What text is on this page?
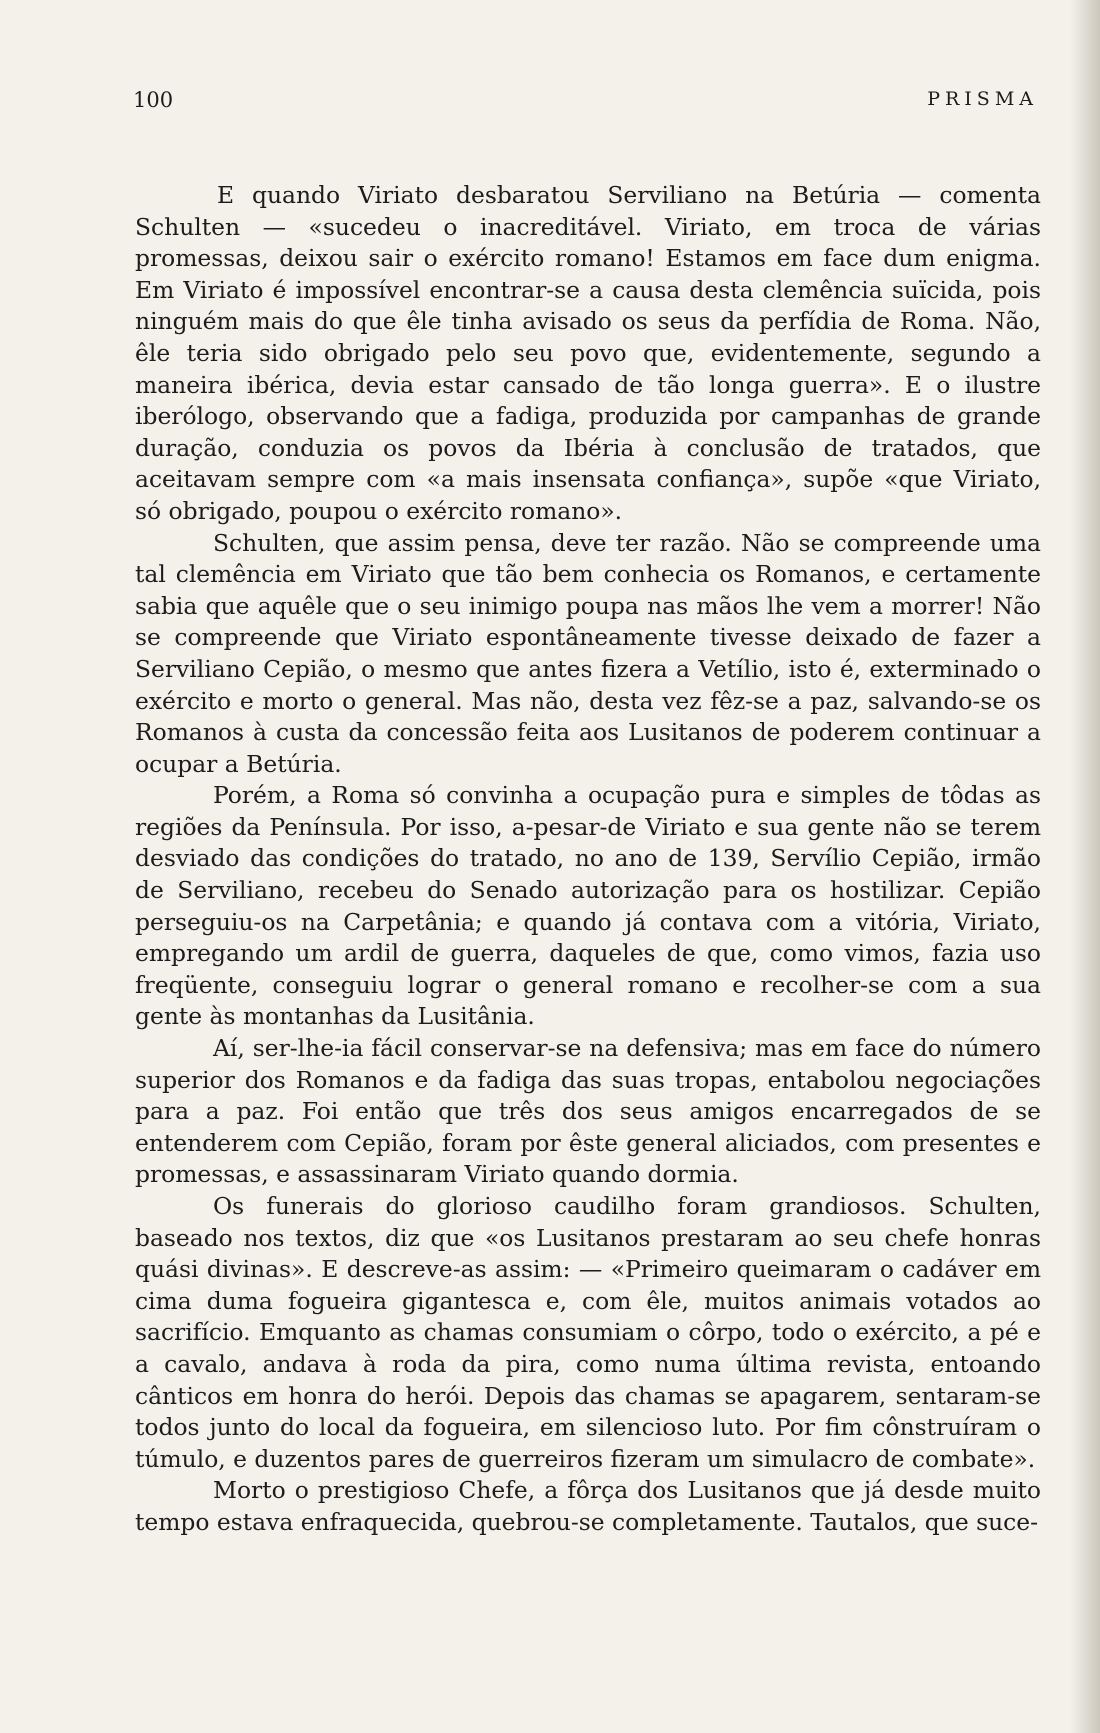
100	PRISMA

E quando Viriato desbaratou Serviliano na Betúria — comenta Schulten — «sucedeu o inacreditável. Viriato, em troca de várias promessas, deixou sair o exército romano! Estamos em face dum enigma. Em Viriato é impossível encontrar-se a causa desta clemência suïcida, pois ninguém mais do que êle tinha avisado os seus da perfídia de Roma. Não, êle teria sido obrigado pelo seu povo que, evidentemente, segundo a maneira ibérica, devia estar cansado de tão longa guerra». E o ilustre iberólogo, observando que a fadiga, produzida por campanhas de grande duração, conduzia os povos da Ibéria à conclusão de tratados, que aceitavam sempre com «a mais insensata confiança», supõe «que Viriato, só obrigado, poupou o exército romano».

Schulten, que assim pensa, deve ter razão. Não se compreende uma tal clemência em Viriato que tão bem conhecia os Romanos, e certamente sabia que aquêle que o seu inimigo poupa nas mãos lhe vem a morrer! Não se compreende que Viriato espontâneamente tivesse deixado de fazer a Serviliano Cepião, o mesmo que antes fizera a Vetílio, isto é, exterminado o exército e morto o general. Mas não, desta vez fêz-se a paz, salvando-se os Romanos à custa da concessão feita aos Lusitanos de poderem continuar a ocupar a Betúria.

Porém, a Roma só convinha a ocupação pura e simples de tôdas as regiões da Península. Por isso, a-pesar-de Viriato e sua gente não se terem desviado das condições do tratado, no ano de 139, Servílio Cepião, irmão de Serviliano, recebeu do Senado autorização para os hostilizar. Cepião perseguiu-os na Carpetânia; e quando já contava com a vitória, Viriato, empregando um ardil de guerra, daqueles de que, como vimos, fazia uso freqüente, conseguiu lograr o general romano e recolher-se com a sua gente às montanhas da Lusitânia.

Aí, ser-lhe-ia fácil conservar-se na defensiva; mas em face do número superior dos Romanos e da fadiga das suas tropas, entabolou negociações para a paz. Foi então que três dos seus amigos encarregados de se entenderem com Cepião, foram por êste general aliciados, com presentes e promessas, e assassinaram Viriato quando dormia.

Os funerais do glorioso caudilho foram grandiosos. Schulten, baseado nos textos, diz que «os Lusitanos prestaram ao seu chefe honras quási divinas». E descreve-as assim: — «Primeiro queimaram o cadáver em cima duma fogueira gigantesca e, com êle, muitos animais votados ao sacrifício. Emquanto as chamas consumiam o côrpo, todo o exército, a pé e a cavalo, andava à roda da pira, como numa última revista, entoando cânticos em honra do herói. Depois das chamas se apagarem, sentaram-se todos junto do local da fogueira, em silencioso luto. Por fim cônstruíram o túmulo, e duzentos pares de guerreiros fizeram um simulacro de combate».

Morto o prestigioso Chefe, a fôrça dos Lusitanos que já desde muito tempo estava enfraquecida, quebrou-se completamente. Tautalos, que suce-
